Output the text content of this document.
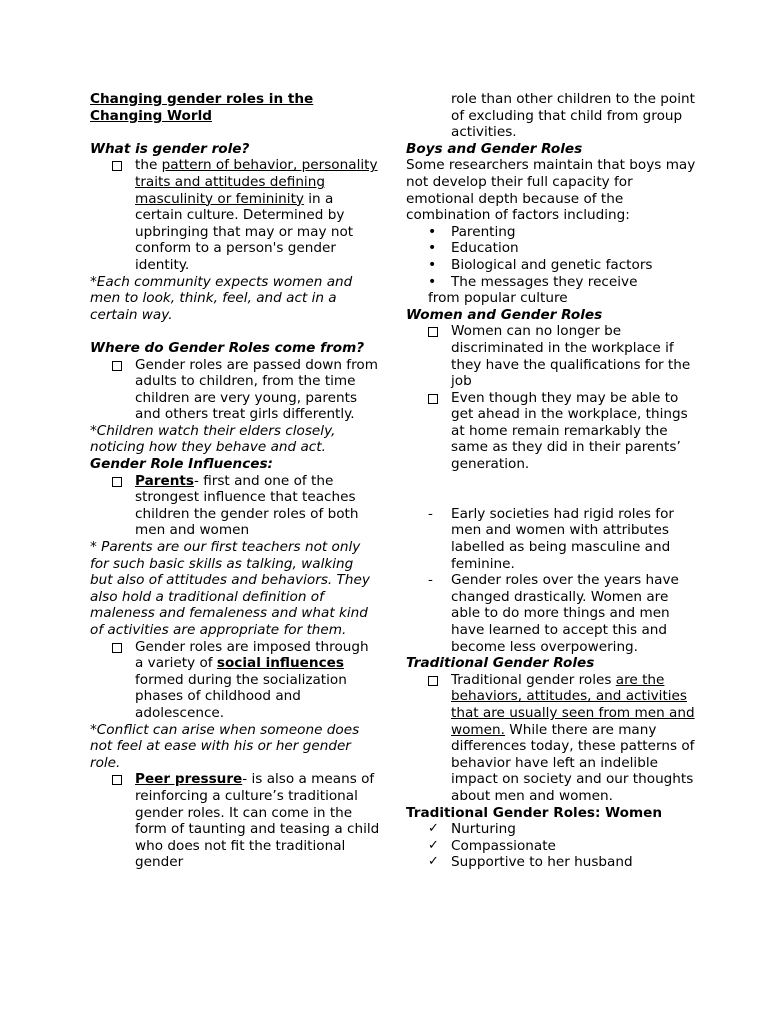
Changing gender roles in the
Changing World

What is gender role?

the pattern of behavior, personality traits and attitudes defining masculinity or femininity in a certain culture. Determined by upbringing that may or may not conform to a person's gender identity.

*Each community expects women and men to look, think, feel, and act in a certain way.

Where do Gender Roles come from?

Gender roles are passed down from adults to children, from the time children are very young, parents and others treat girls differently.

*Children watch their elders closely, noticing how they behave and act.

Gender Role Influences:

Parents- first and one of the strongest influence that teaches children the gender roles of both men and women

* Parents are our first teachers not only for such basic skills as talking, walking but also of attitudes and behaviors. They also hold a traditional definition of maleness and femaleness and what kind of activities are appropriate for them.

Gender roles are imposed through a variety of social influences formed during the socialization phases of childhood and adolescence.

*Conflict can arise when someone does not feel at ease with his or her gender role.

Peer pressure- is also a means of reinforcing a culture’s traditional gender roles. It can come in the form of taunting and teasing a child who does not fit the traditional gender
role than other children to the point of excluding that child from group activities.

Boys and Gender Roles

Some researchers maintain that boys may not develop their full capacity for emotional depth because of the combination of factors including:

• Parenting
• Education
• Biological and genetic factors
• The messages they receive

from popular culture

Women and Gender Roles

Women can no longer be discriminated in the workplace if they have the qualifications for the job
Even though they may be able to get ahead in the workplace, things at home remain remarkably the same as they did in their parents’ generation.
- Early societies had rigid roles for men and women with attributes labelled as being masculine and feminine.
- Gender roles over the years have changed drastically. Women are able to do more things and men have learned to accept this and become less overpowering.

Traditional Gender Roles

Traditional gender roles are the behaviors, attitudes, and activities that are usually seen from men and women. While there are many differences today, these patterns of behavior have left an indelible impact on society and our thoughts about men and women.

Traditional Gender Roles: Women

✓ Nurturing
✓ Compassionate
✓ Supportive to her husband
